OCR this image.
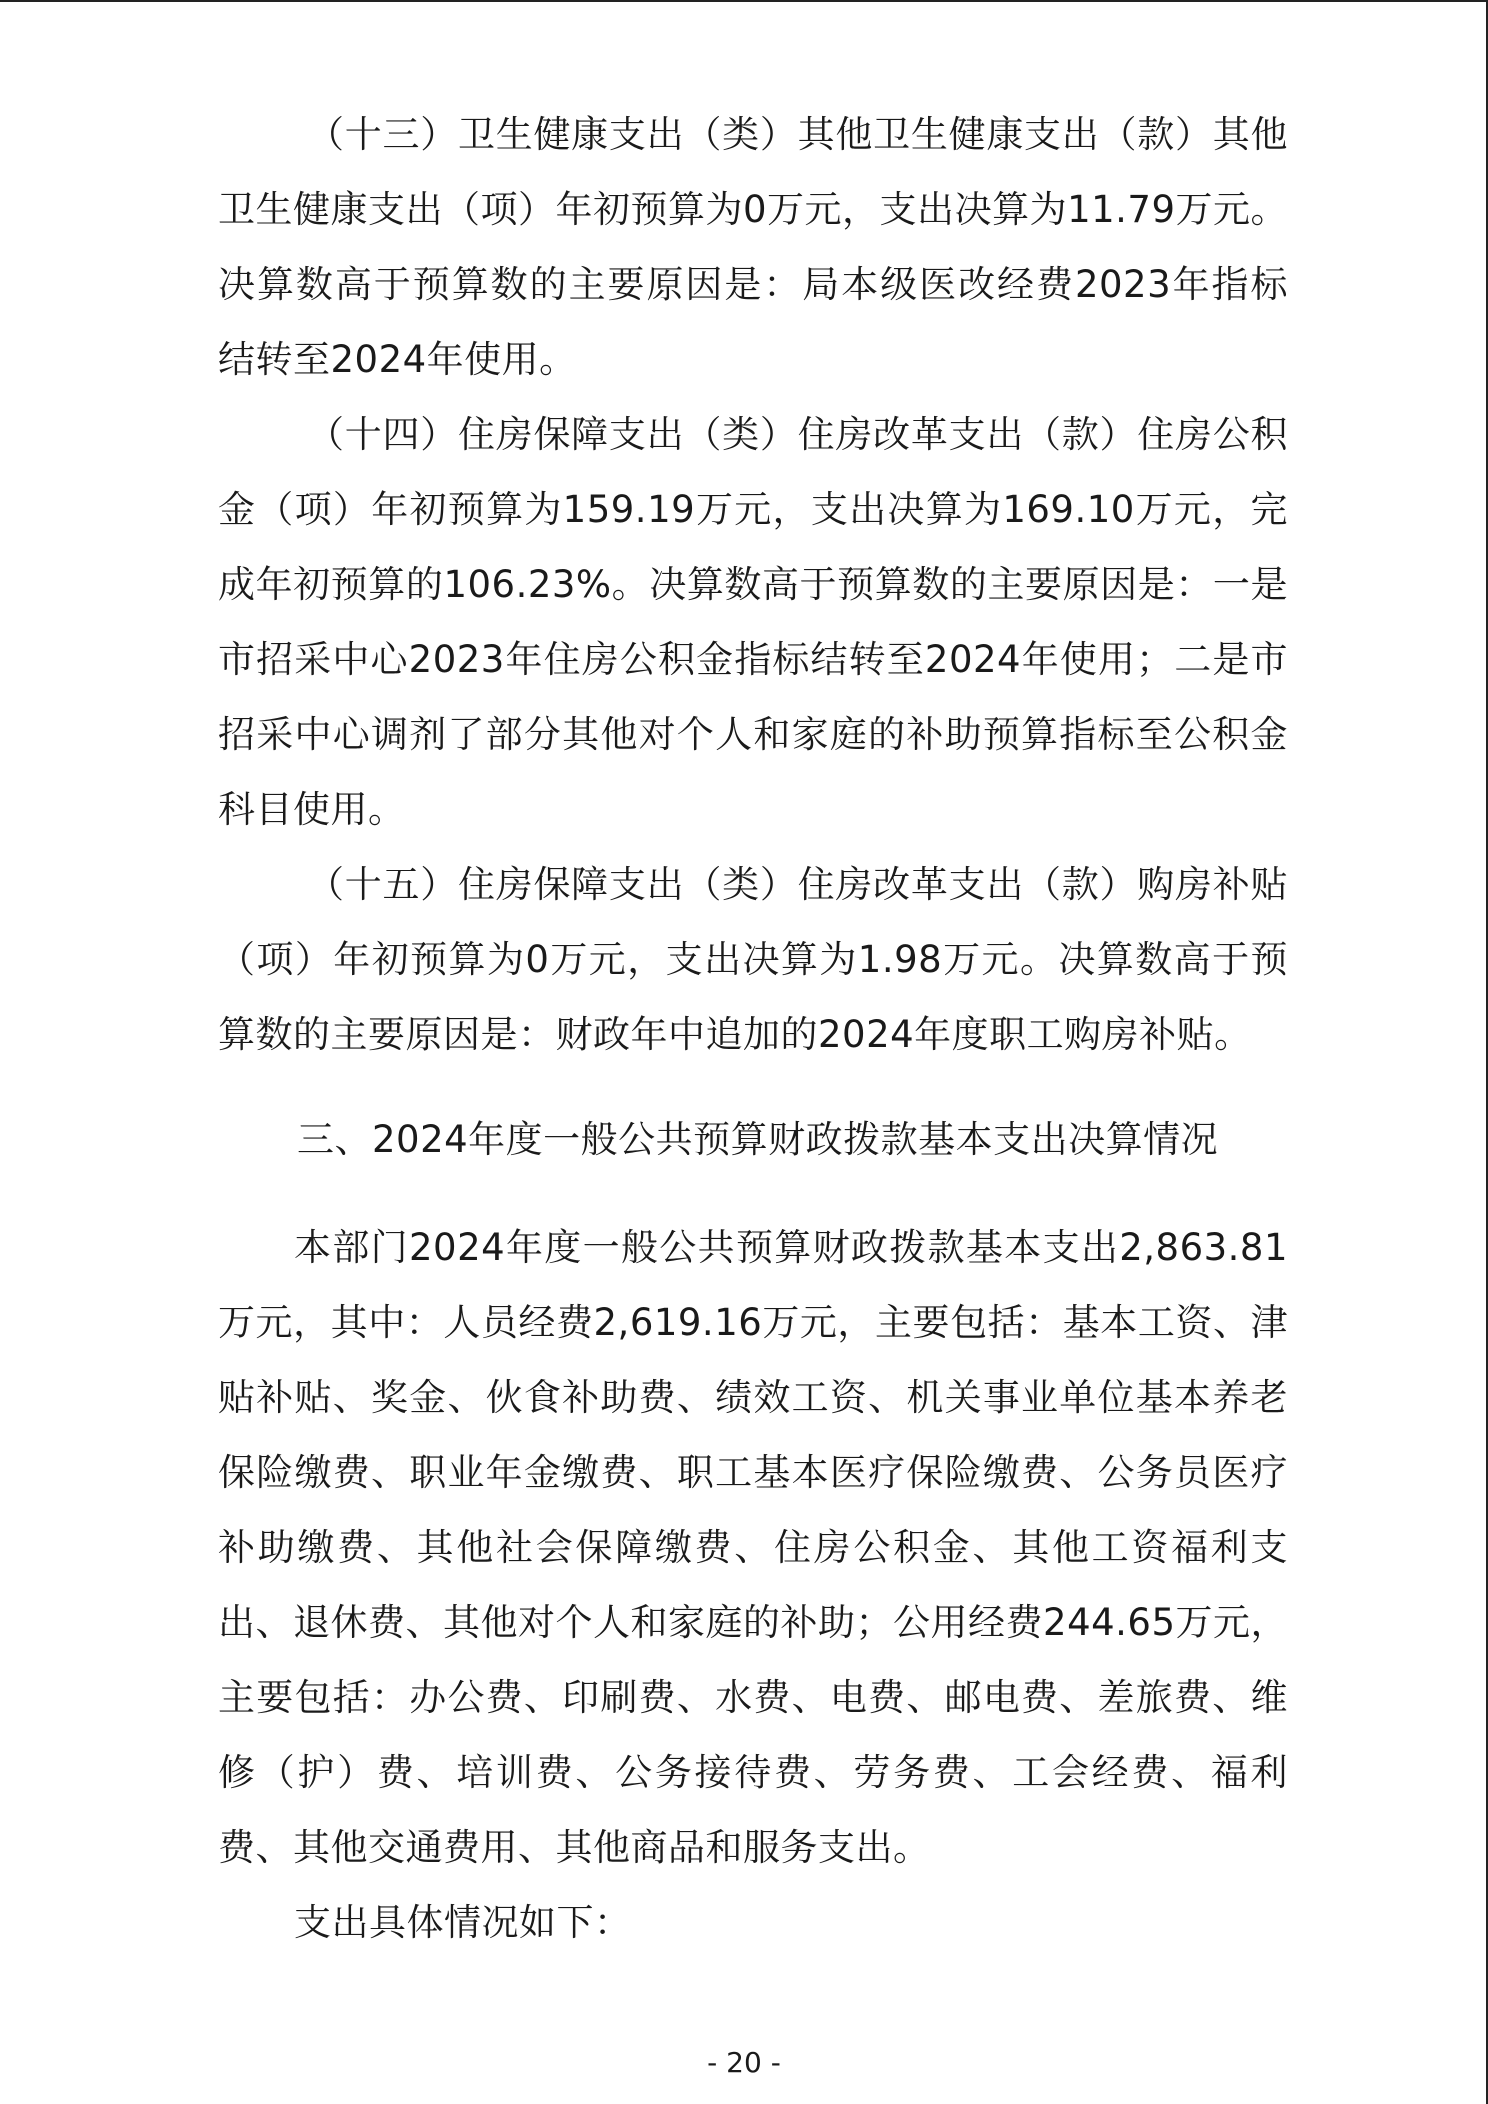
（十三）卫生健康支出（类）其他卫生健康支出（款）其他卫生健康支出（项）年初预算为0万元，支出决算为11.79万元。决算数高于预算数的主要原因是：局本级医改经费2023年指标结转至2024年使用。

（十四）住房保障支出（类）住房改革支出（款）住房公积金（项）年初预算为159.19万元，支出决算为169.10万元，完成年初预算的106.23%。决算数高于预算数的主要原因是：一是市招采中心2023年住房公积金指标结转至2024年使用；二是市招采中心调剂了部分其他对个人和家庭的补助预算指标至公积金科目使用。

（十五）住房保障支出（类）住房改革支出（款）购房补贴（项）年初预算为0万元，支出决算为1.98万元。决算数高于预算数的主要原因是：财政年中追加的2024年度职工购房补贴。

三、2024年度一般公共预算财政拨款基本支出决算情况

本部门2024年度一般公共预算财政拨款基本支出2,863.81万元，其中：人员经费2,619.16万元，主要包括：基本工资、津贴补贴、奖金、伙食补助费、绩效工资、机关事业单位基本养老保险缴费、职业年金缴费、职工基本医疗保险缴费、公务员医疗补助缴费、其他社会保障缴费、住房公积金、其他工资福利支出、退休费、其他对个人和家庭的补助；公用经费244.65万元，主要包括：办公费、印刷费、水费、电费、邮电费、差旅费、维修（护）费、培训费、公务接待费、劳务费、工会经费、福利费、其他交通费用、其他商品和服务支出。

支出具体情况如下：

- 20 -
